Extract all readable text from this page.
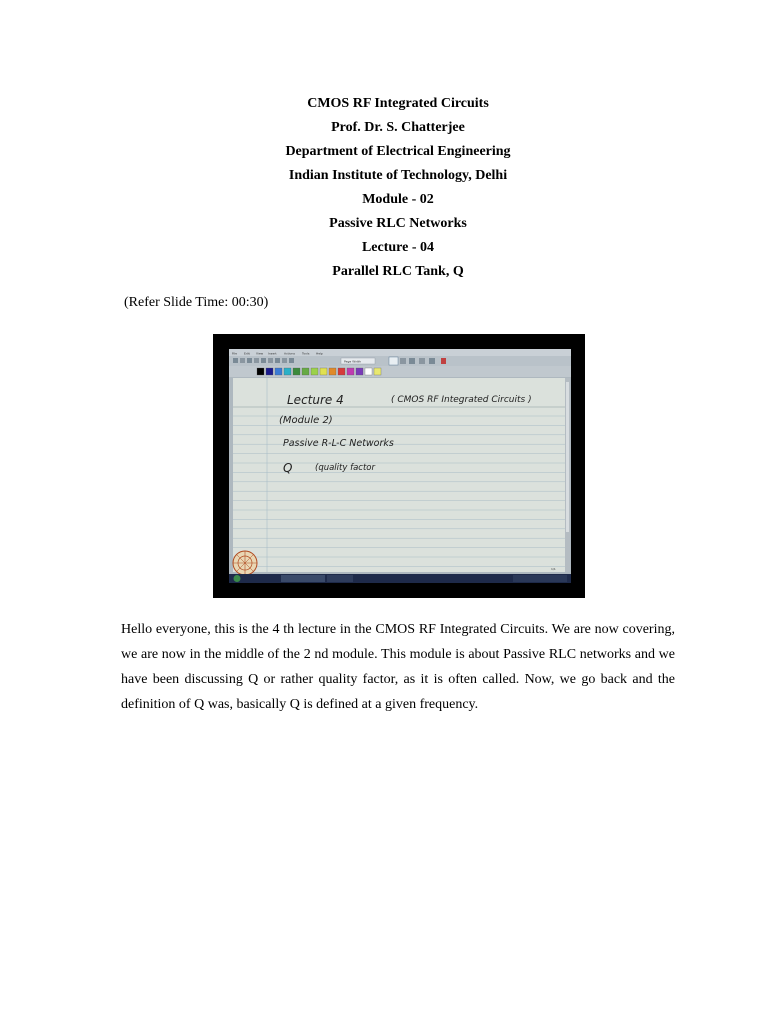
CMOS RF Integrated Circuits
Prof. Dr. S. Chatterjee
Department of Electrical Engineering
Indian Institute of Technology, Delhi
Module - 02
Passive RLC Networks
Lecture - 04
Parallel RLC Tank, Q
(Refer Slide Time: 00:30)
File Edit View Insert Actions	Tools Help
Page Width
Lecture 4	( CMOS RF Integrated Circuits )
(Module 2)
Passive R-L-C Networks
Q	(quality factor
1/1

Hello everyone, this is the 4 th lecture in the CMOS RF Integrated Circuits. We are now covering, we are now in the middle of the 2 nd module. This module is about Passive RLC networks and we have been discussing Q or rather quality factor, as it is often called. Now, we go back and the definition of Q was, basically Q is defined at a given frequency.
